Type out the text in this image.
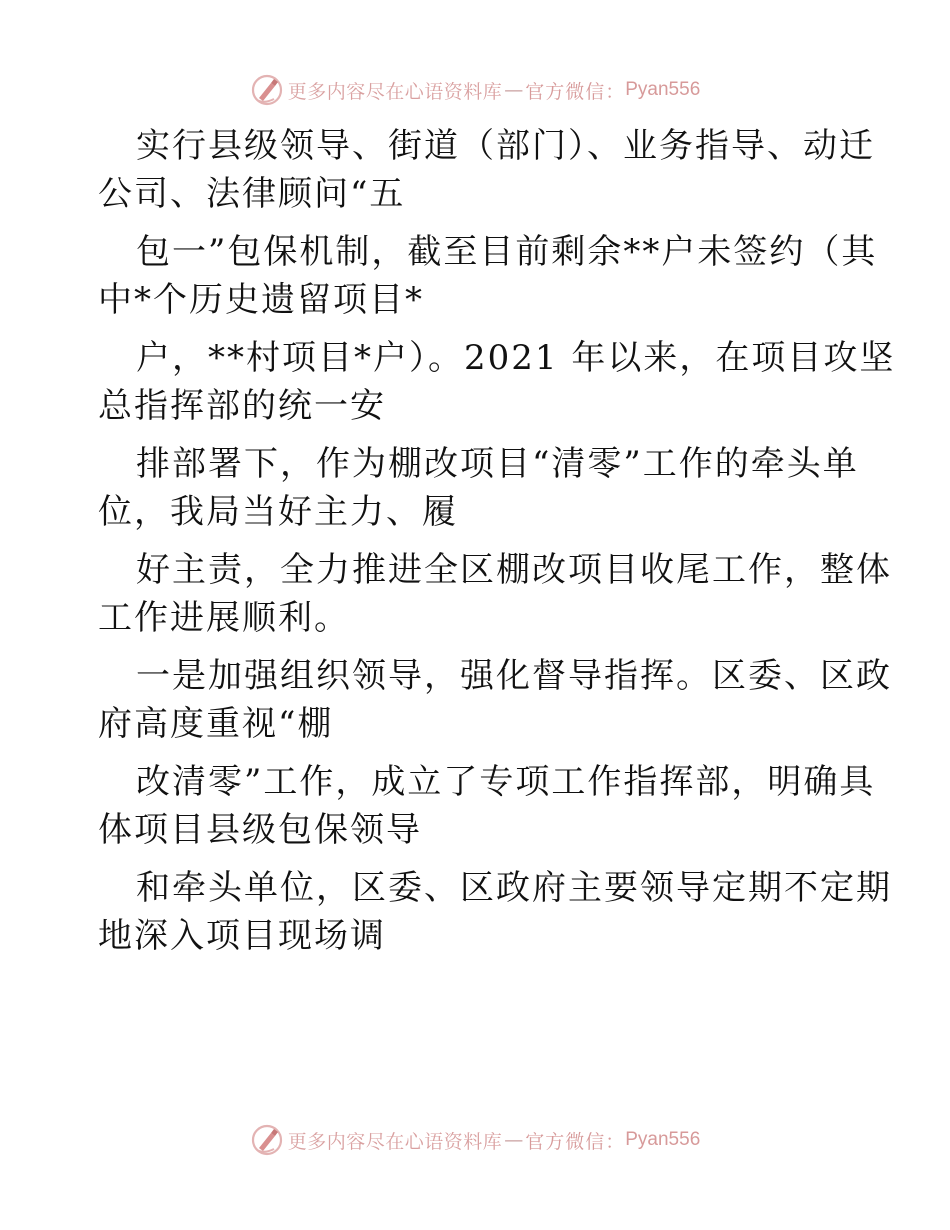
更多内容尽在心语资料库 — 官方微信： Pyan556
实行县级领导、街道（部门）、业务指导、动迁
公司、法律顾问“五
包一”包保机制，截至目前剩余**户未签约（其
中*个历史遗留项目*
户，**村项目*户）。2021 年以来，在项目攻坚
总指挥部的统一安
排部署下，作为棚改项目“清零”工作的牵头单
位，我局当好主力、履
好主责，全力推进全区棚改项目收尾工作，整体
工作进展顺利。
一是加强组织领导，强化督导指挥。区委、区政
府高度重视“棚
改清零”工作，成立了专项工作指挥部，明确具
体项目县级包保领导
和牵头单位，区委、区政府主要领导定期不定期
地深入项目现场调
更多内容尽在心语资料库 — 官方微信： Pyan556
